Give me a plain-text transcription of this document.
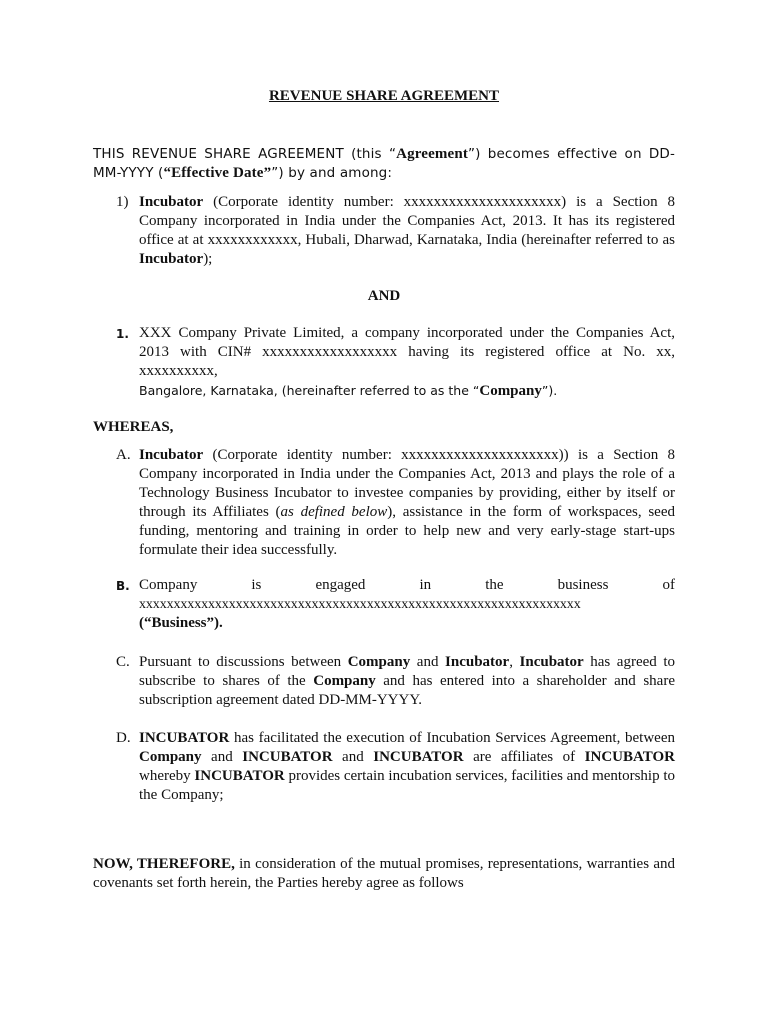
REVENUE SHARE AGREEMENT
THIS REVENUE SHARE AGREEMENT (this “Agreement”) becomes effective on DD-MM-YYYY (“Effective Date””) by and among:
1) Incubator (Corporate identity number: xxxxxxxxxxxxxxxxxxxxx) is a Section 8 Company incorporated in India under the Companies Act, 2013. It has its registered office at at xxxxxxxxxxxx, Hubali, Dharwad, Karnataka, India (hereinafter referred to as Incubator);
AND
1. XXX Company Private Limited, a company incorporated under the Companies Act, 2013 with CIN# xxxxxxxxxxxxxxxxxx having its registered office at No. xx, xxxxxxxxxx,
Bangalore, Karnataka, (hereinafter referred to as the “Company”).
WHEREAS,
A. Incubator (Corporate identity number: xxxxxxxxxxxxxxxxxxxxx)) is a Section 8 Company incorporated in India under the Companies Act, 2013 and plays the role of a Technology Business Incubator to investee companies by providing, either by itself or through its Affiliates (as defined below), assistance in the form of workspaces, seed funding, mentoring and training in order to help new and very early-stage start-ups formulate their idea successfully.
B. Company	is	engaged	in	the	business	of
xxxxxxxxxxxxxxxxxxxxxxxxxxxxxxxxxxxxxxxxxxxxxxxxxxxxxxxxxxxxxxxx
(“Business”).
C. Pursuant to discussions between Company and Incubator, Incubator has agreed to subscribe to shares of the Company and has entered into a shareholder and share subscription agreement dated DD-MM-YYYY.
D. INCUBATOR has facilitated the execution of Incubation Services Agreement, between Company and INCUBATOR and INCUBATOR are affiliates of INCUBATOR whereby INCUBATOR provides certain incubation services, facilities and mentorship to the Company;
NOW, THEREFORE, in consideration of the mutual promises, representations, warranties and covenants set forth herein, the Parties hereby agree as follows
